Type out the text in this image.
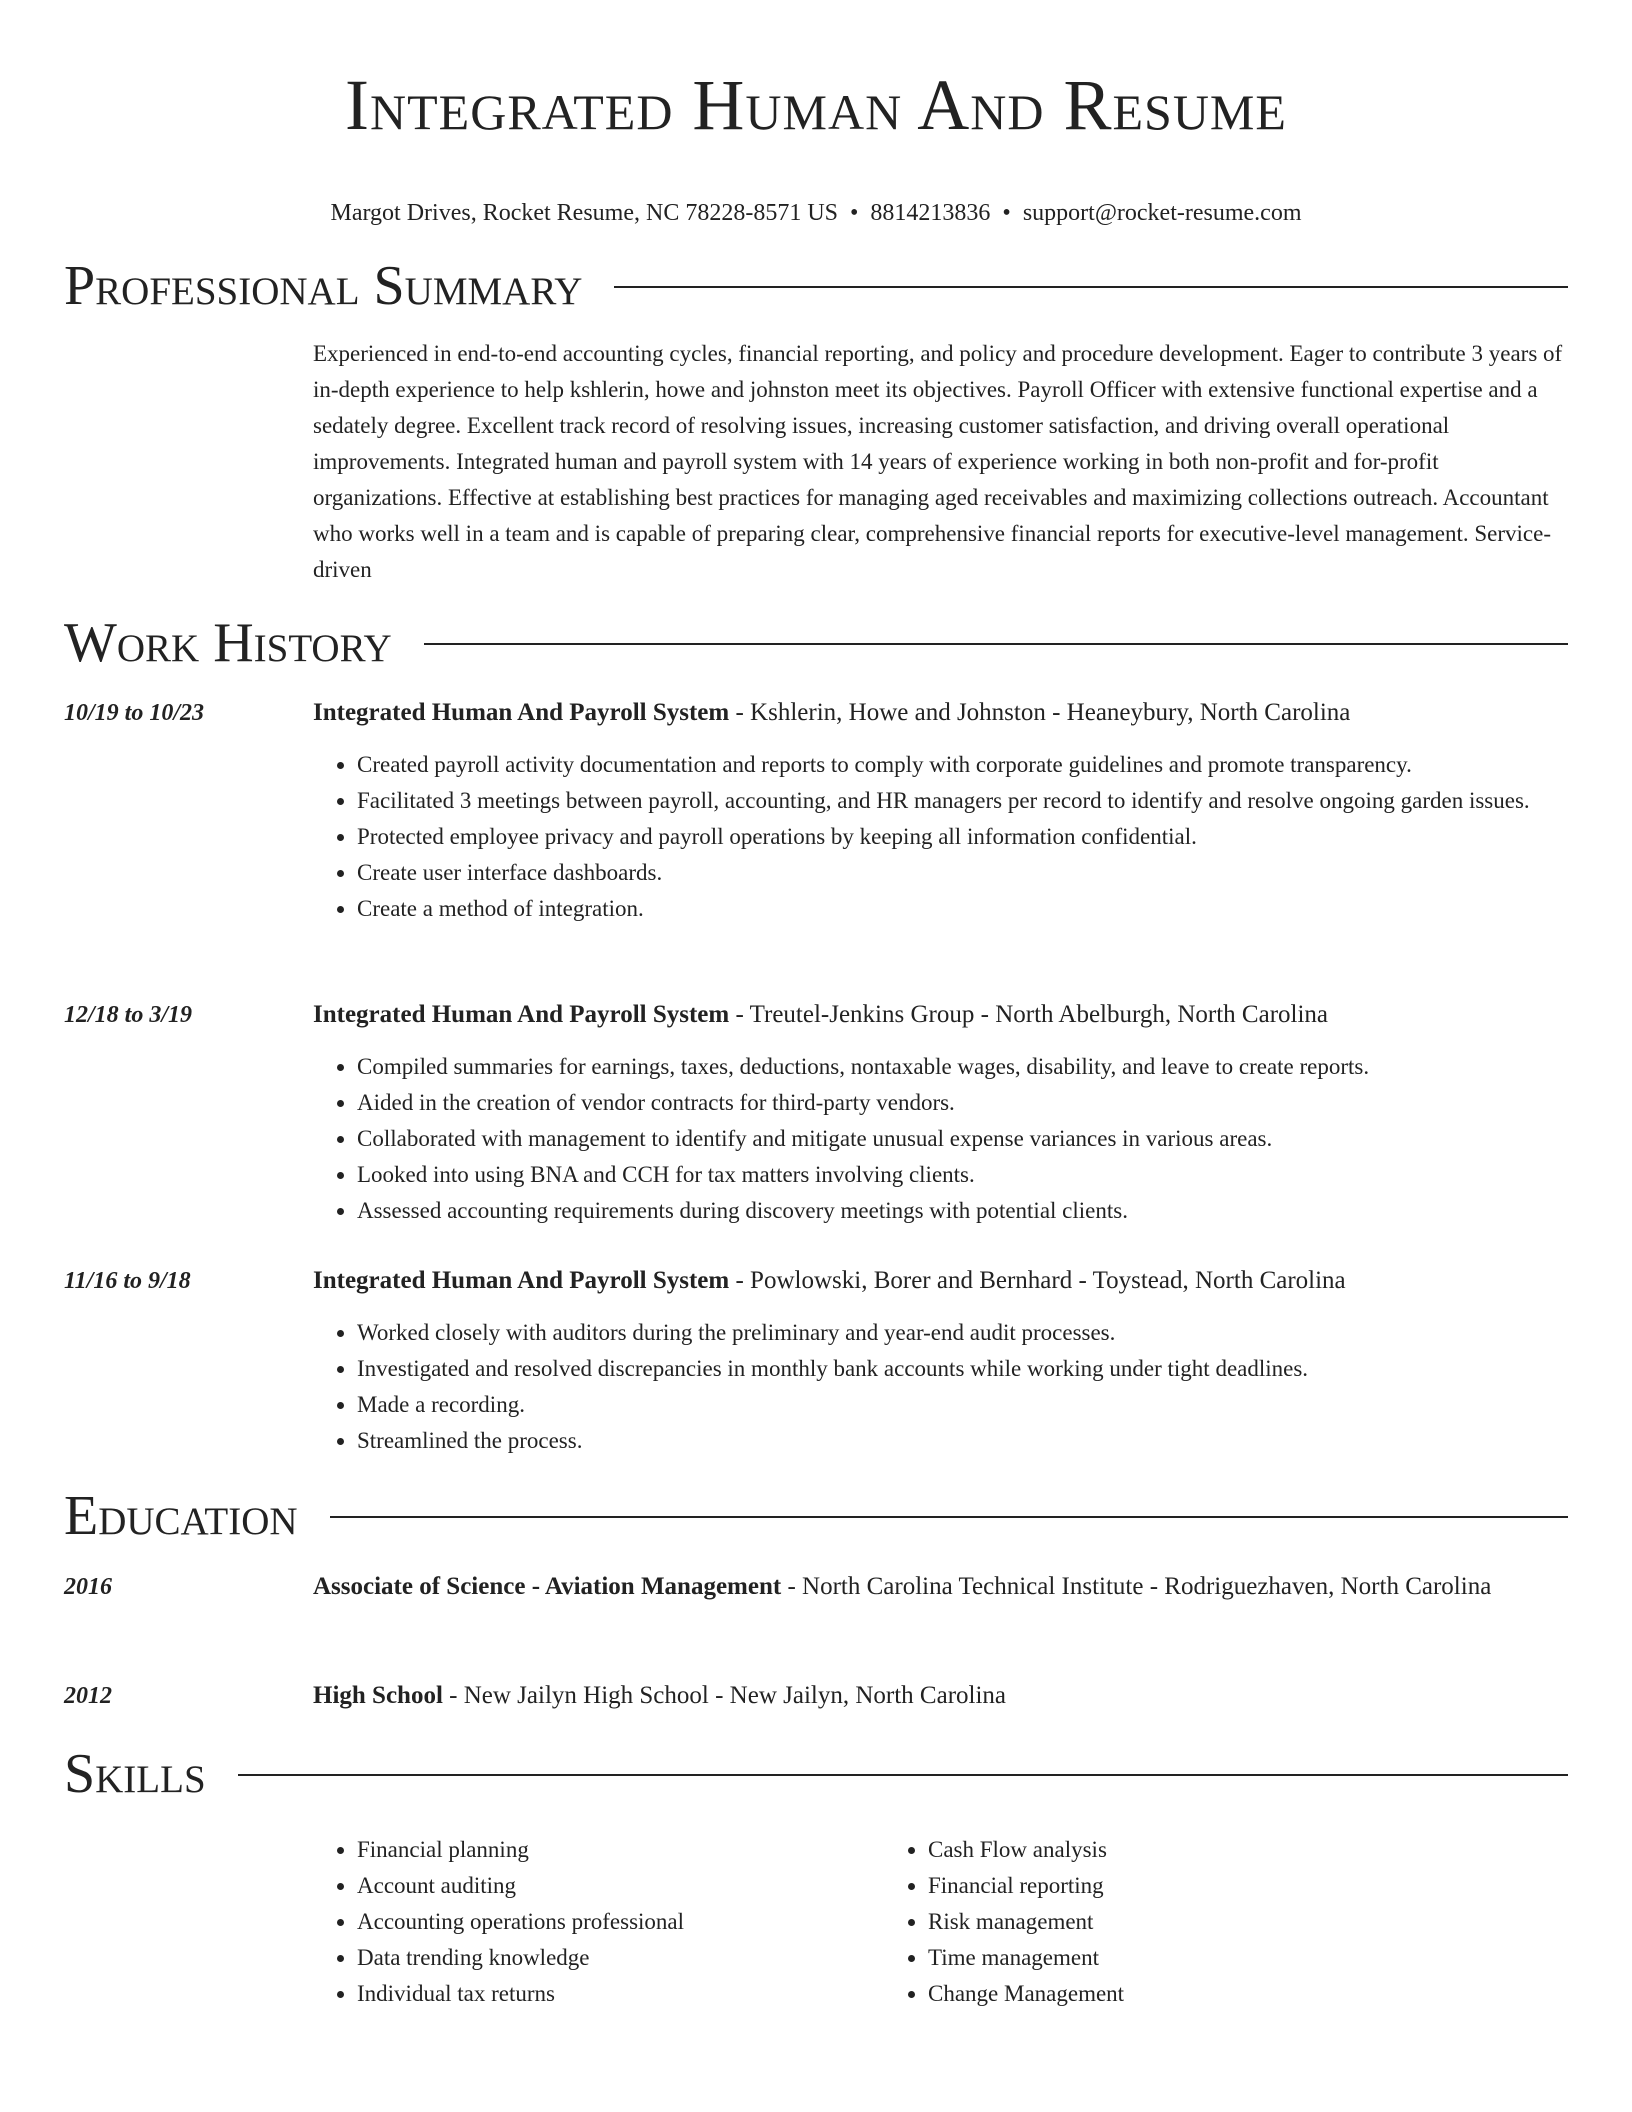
Integrated Human And Resume
Margot Drives, Rocket Resume, NC 78228-8571 US • 8814213836 • support@rocket-resume.com
Professional Summary

Experienced in end-to-end accounting cycles, financial reporting, and policy and procedure development. Eager to contribute 3 years of in-depth experience to help kshlerin, howe and johnston meet its objectives. Payroll Officer with extensive functional expertise and a sedately degree. Excellent track record of resolving issues, increasing customer satisfaction, and driving overall operational improvements. Integrated human and payroll system with 14 years of experience working in both non-profit and for-profit organizations. Effective at establishing best practices for managing aged receivables and maximizing collections outreach. Accountant who works well in a team and is capable of preparing clear, comprehensive financial reports for executive-level management. Service-driven

Work History
10/19 to 10/23	Integrated Human And Payroll System - Kshlerin, Howe and Johnston - Heaneybury, North Carolina
• Created payroll activity documentation and reports to comply with corporate guidelines and promote transparency.
• Facilitated 3 meetings between payroll, accounting, and HR managers per record to identify and resolve ongoing garden issues.
• Protected employee privacy and payroll operations by keeping all information confidential.
• Create user interface dashboards.
• Create a method of integration.
12/18 to 3/19	Integrated Human And Payroll System - Treutel-Jenkins Group - North Abelburgh, North Carolina
• Compiled summaries for earnings, taxes, deductions, nontaxable wages, disability, and leave to create reports.
• Aided in the creation of vendor contracts for third-party vendors.
• Collaborated with management to identify and mitigate unusual expense variances in various areas.
• Looked into using BNA and CCH for tax matters involving clients.
• Assessed accounting requirements during discovery meetings with potential clients.
11/16 to 9/18	Integrated Human And Payroll System - Powlowski, Borer and Bernhard - Toystead, North Carolina
• Worked closely with auditors during the preliminary and year-end audit processes.
• Investigated and resolved discrepancies in monthly bank accounts while working under tight deadlines.
• Made a recording.
• Streamlined the process.
Education
2016	Associate of Science - Aviation Management - North Carolina Technical Institute - Rodriguezhaven, North Carolina
2012	High School - New Jailyn High School - New Jailyn, North Carolina
Skills
• Financial planning
• Account auditing
• Accounting operations professional
• Data trending knowledge
• Individual tax returns
• Cash Flow analysis
• Financial reporting
• Risk management
• Time management
• Change Management
